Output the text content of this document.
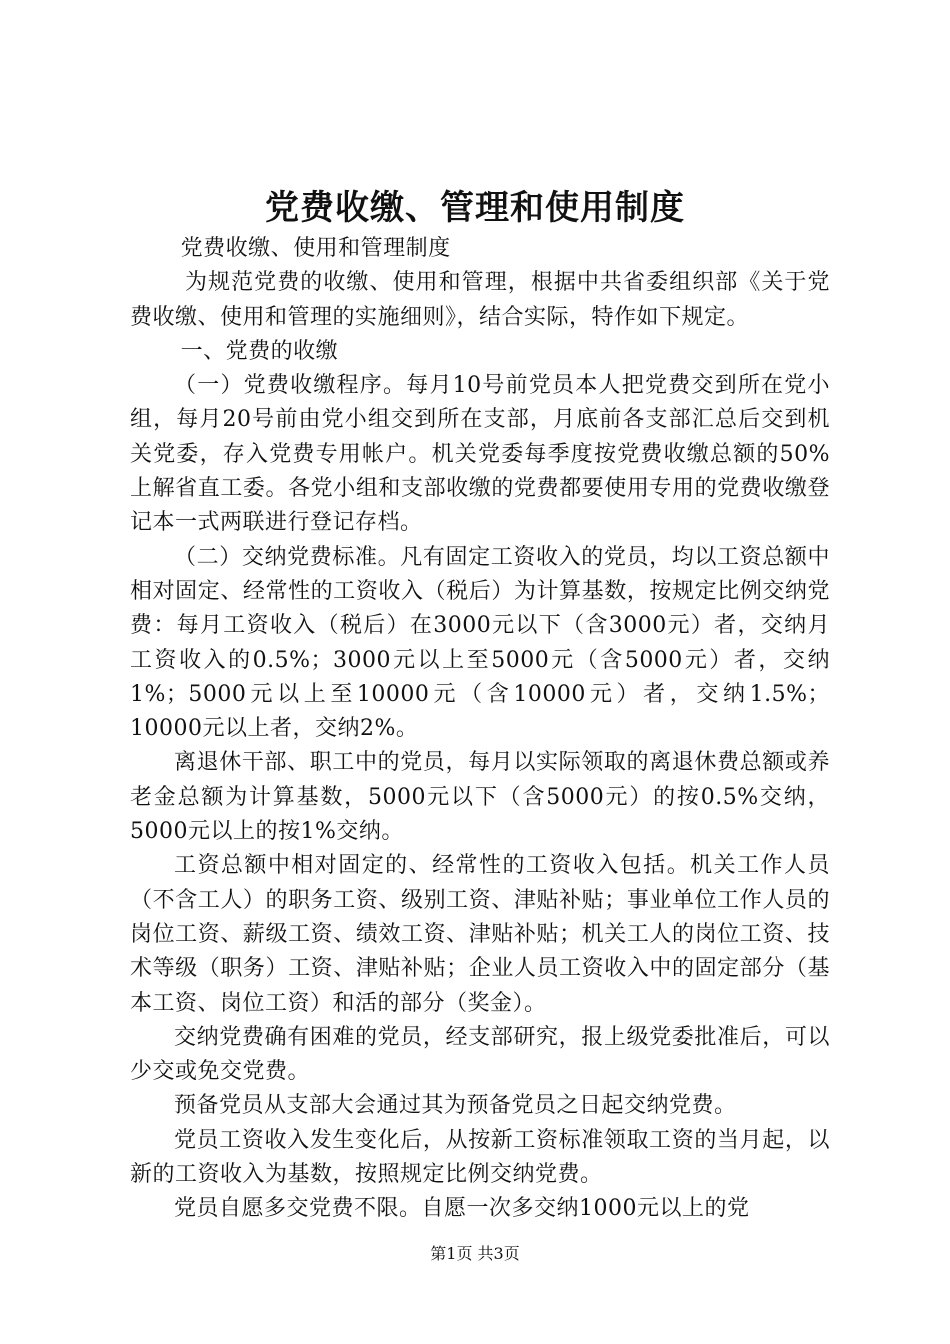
党费收缴、管理和使用制度

党费收缴、使用和管理制度

为规范党费的收缴、使用和管理，根据中共省委组织部《关于党费收缴、使用和管理的实施细则》，结合实际，特作如下规定。

一、党费的收缴

（一）党费收缴程序。每月10号前党员本人把党费交到所在党小组，每月20号前由党小组交到所在支部，月底前各支部汇总后交到机关党委，存入党费专用帐户。机关党委每季度按党费收缴总额的50%上解省直工委。各党小组和支部收缴的党费都要使用专用的党费收缴登记本一式两联进行登记存档。

（二）交纳党费标准。凡有固定工资收入的党员，均以工资总额中相对固定、经常性的工资收入（税后）为计算基数，按规定比例交纳党费：每月工资收入（税后）在3000元以下（含3000元）者，交纳月工资收入的0.5%；3000元以上至5000元（含5000元）者，交纳1%；5000元以上至10000元（含10000元）者，交纳1.5%；10000元以上者，交纳2%。

离退休干部、职工中的党员，每月以实际领取的离退休费总额或养老金总额为计算基数，5000元以下（含5000元）的按0.5%交纳，5000元以上的按1%交纳。

工资总额中相对固定的、经常性的工资收入包括。机关工作人员（不含工人）的职务工资、级别工资、津贴补贴；事业单位工作人员的岗位工资、薪级工资、绩效工资、津贴补贴；机关工人的岗位工资、技术等级（职务）工资、津贴补贴；企业人员工资收入中的固定部分（基本工资、岗位工资）和活的部分（奖金）。

交纳党费确有困难的党员，经支部研究，报上级党委批准后，可以少交或免交党费。

预备党员从支部大会通过其为预备党员之日起交纳党费。

党员工资收入发生变化后，从按新工资标准领取工资的当月起，以新的工资收入为基数，按照规定比例交纳党费。

党员自愿多交党费不限。自愿一次多交纳1000元以上的党

第1页 共3页
